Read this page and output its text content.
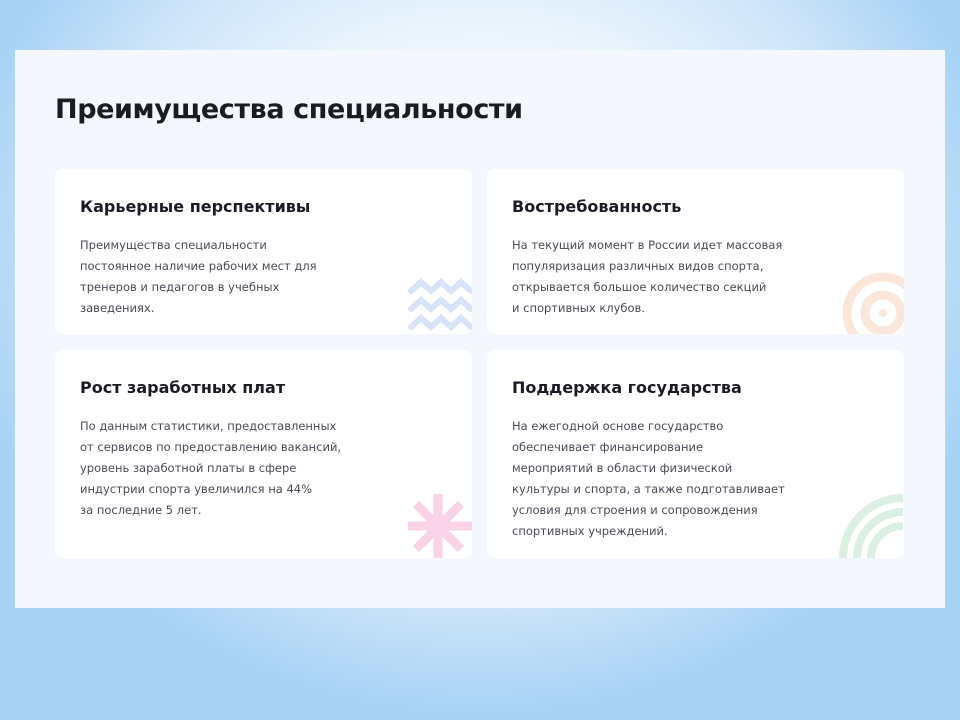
Преимущества специальности
Карьерные перспективы

Преимущества специальности
постоянное наличие рабочих мест для
тренеров и педагогов в учебных
заведениях.

Востребованность

На текущий момент в России идет массовая
популяризация различных видов спорта,
открывается большое количество секций
и спортивных клубов.

Рост заработных плат

По данным статистики, предоставленных
от сервисов по предоставлению вакансий,
уровень заработной платы в сфере
индустрии спорта увеличился на 44%
за последние 5 лет.

Поддержка государства

На ежегодной основе государство
обеспечивает финансирование
мероприятий в области физической
культуры и спорта, а также подготавливает
условия для строения и сопровождения
спортивных учреждений.
